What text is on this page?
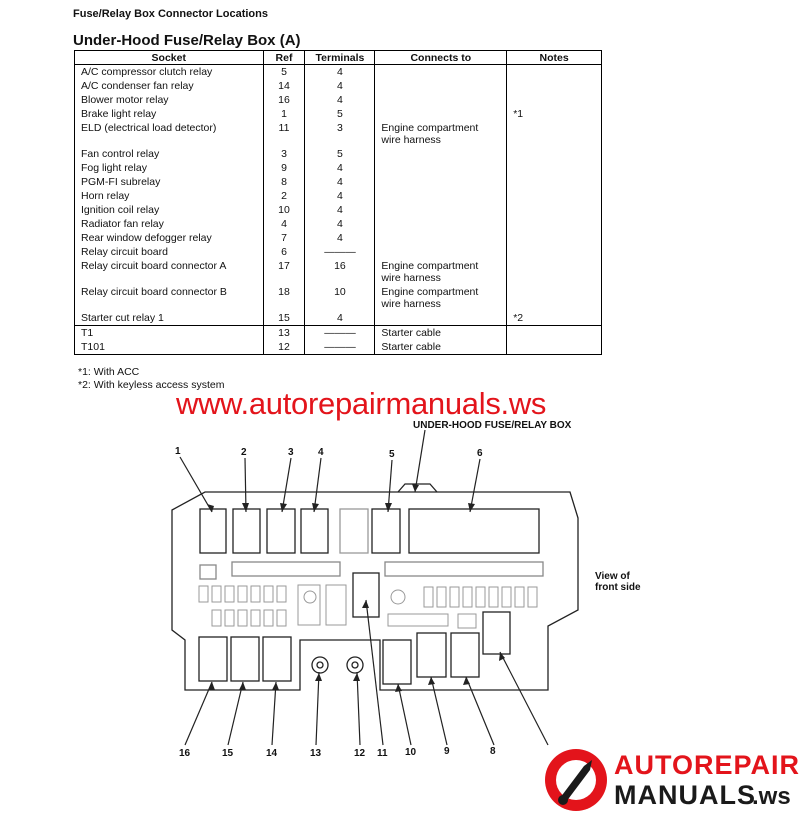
Fuse/Relay Box Connector Locations
Under-Hood Fuse/Relay Box (A)
Socket	Ref	Terminals	Connects to	Notes
A/C compressor clutch relay	5	4		
A/C condenser fan relay	14	4		
Blower motor relay	16	4		
Brake light relay	1	5		*1
ELD (electrical load detector)	11	3	Engine compartment
wire harness	
Fan control relay	3	5		
Fog light relay	9	4		
PGM-FI subrelay	8	4		
Horn relay	2	4		
Ignition coil relay	10	4		
Radiator fan relay	4	4		
Rear window defogger relay	7	4		
Relay circuit board	6	———		
Relay circuit board connector A	17	16	Engine compartment
wire harness	
Relay circuit board connector B	18	10	Engine compartment
wire harness	
Starter cut relay 1	15	4		*2
T1	13	———	Starter cable	
T101	12	———	Starter cable	
*1: With ACC
*2: With keyless access system
www.autorepairmanuals.ws
UNDER-HOOD FUSE/RELAY BOX
1	2	3 4	5	6
16	15	14	13	12 11 10	9	8
View of
front side
AUTOREPAIR
MANUALS
.ws
